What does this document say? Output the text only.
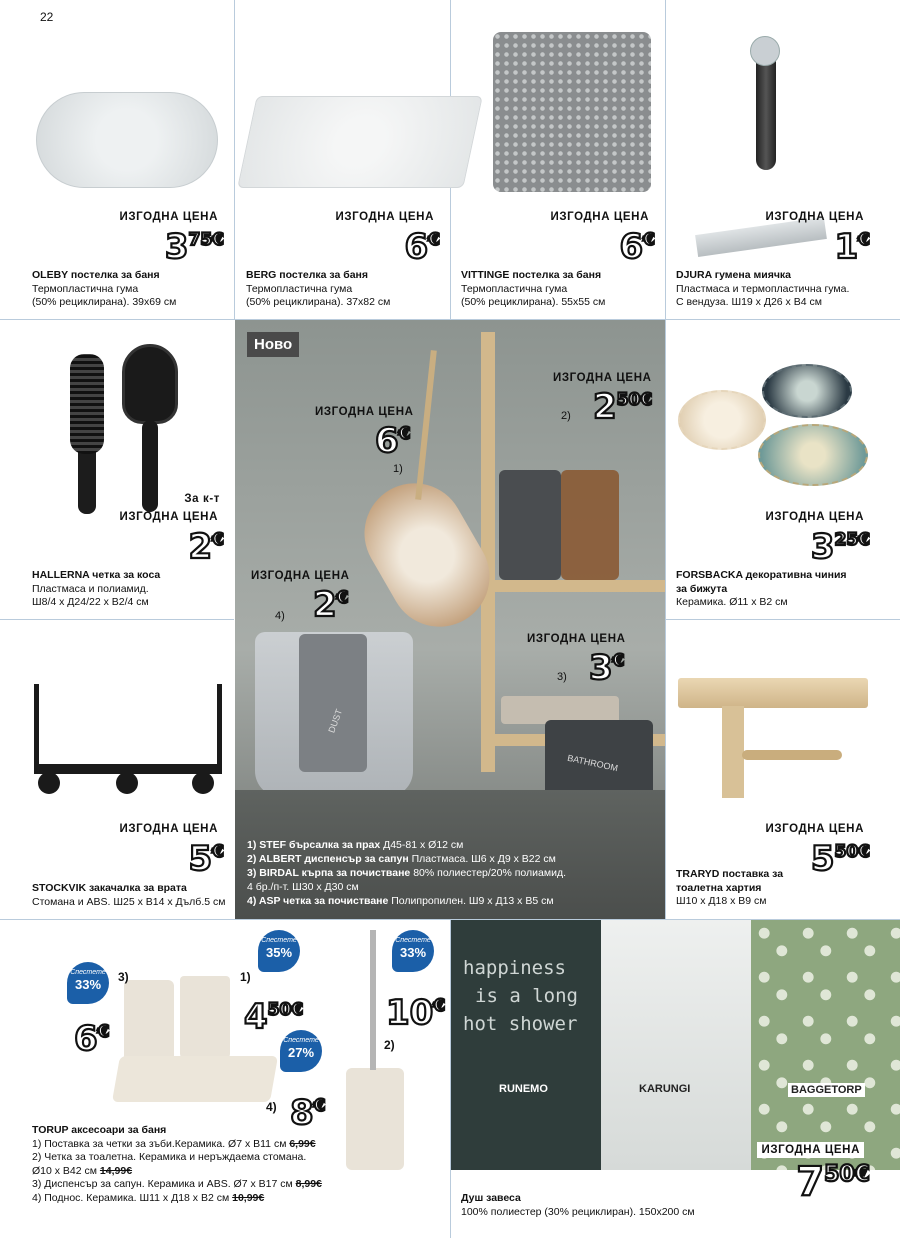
22
ИЗГОДНА ЦЕНА
375€
OLEBY постелка за баня
Термопластична гума
(50% рециклирана). 39x69 см
ИЗГОДНА ЦЕНА
6€
BERG постелка за баня
Термопластична гума
(50% рециклирана). 37x82 см
ИЗГОДНА ЦЕНА
6€
VITTINGE постелка за баня
Термопластична гума
(50% рециклирана). 55x55 см
ИЗГОДНА ЦЕНА
1€
DJURA гумена миячка
Пластмаса и термопластична гума.
С вендуза. Ш19 x Д26 x В4 см
За к-т
ИЗГОДНА ЦЕНА
2€
HALLERNA четка за коса
Пластмаса и полиамид.
Ш8/4 x Д24/22 x В2/4 см
ИЗГОДНА ЦЕНА
5€
STOCKVIK закачалка за врата
Стомана и ABS. Ш25 x В14 x Дълб.5 см
DUST
BATHROOM
Ново
ИЗГОДНА ЦЕНА
6€
1)
ИЗГОДНА ЦЕНА
250€
2)
ИЗГОДНА ЦЕНА
3€
3)
ИЗГОДНА ЦЕНА
2€
4)
1) STEF бърсалка за прах Д45-81 x Ø12 см
2) ALBERT диспенсър за сапун Пластмаса. Ш6 x Д9 x В22 см
3) BIRDAL кърпа за почистване 80% полиестер/20% полиамид.
4 бр./п-т. Ш30 x Д30 см
4) ASP четка за почистване Полипропилен. Ш9 x Д13 x В5 см
ИЗГОДНА ЦЕНА
325€
FORSBACKA декоративна чиния
за бижута
Керамика. Ø11 x В2 см
ИЗГОДНА ЦЕНА
550€
TRARYD поставка за
тоалетна хартия
Ш10 x Д18 x В9 см
Спестете
33%
Спестете
35%
Спестете
27%
Спестете
33%
6€
3)
450€
1)
8€
4)
10€
2)
TORUP аксесоари за баня
1) Поставка за четки за зъби.Керамика. Ø7 x В11 см 6,99€
2) Четка за тоалетна. Керамика и неръждаема стомана.
Ø10 x В42 см 14,99€
3) Диспенсър за сапун. Керамика и ABS. Ø7 x В17 см 8,99€
4) Поднос. Керамика. Ш11 x Д18 x В2 см 10,99€
happiness
is a long
hot shower
RUNEMO	KARUNGI	BAGGETORP
ИЗГОДНА ЦЕНА
750€
Душ завеса
100% полиестер (30% рециклиран). 150x200 см
